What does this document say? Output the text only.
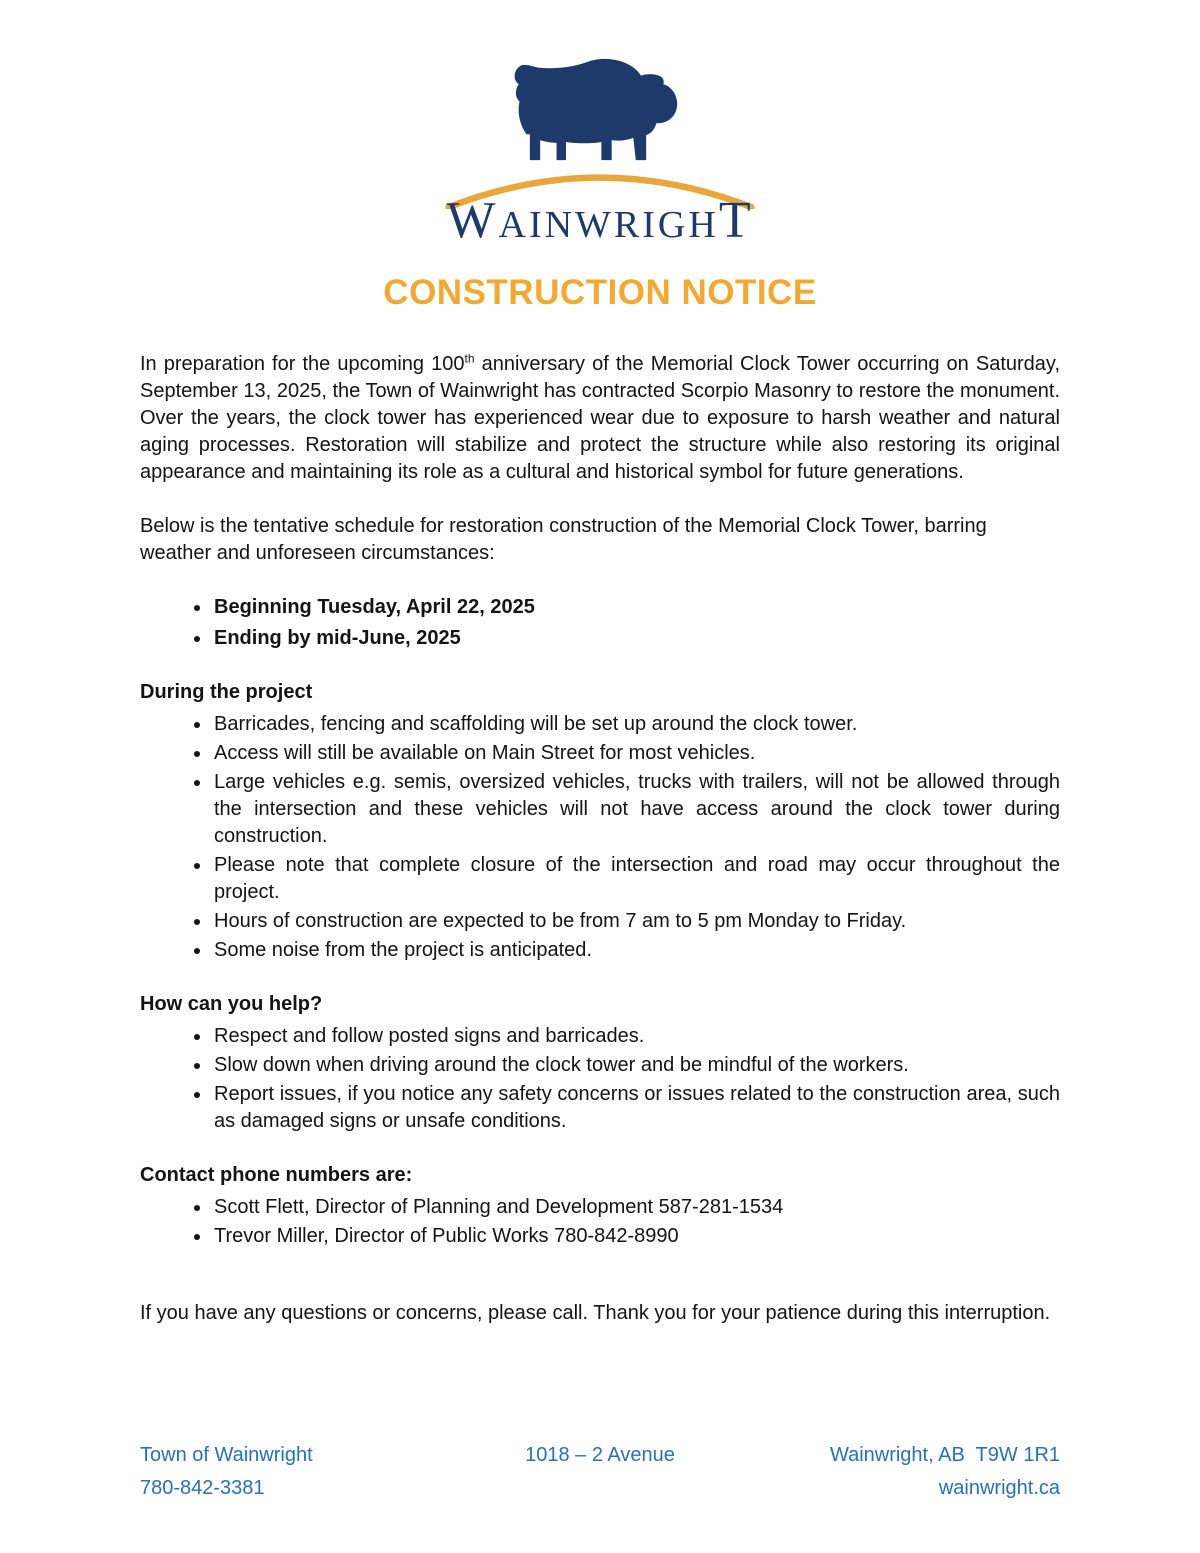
WAINWRIGHT
CONSTRUCTION NOTICE

In preparation for the upcoming 100th anniversary of the Memorial Clock Tower occurring on Saturday, September 13, 2025, the Town of Wainwright has contracted Scorpio Masonry to restore the monument. Over the years, the clock tower has experienced wear due to exposure to harsh weather and natural aging processes. Restoration will stabilize and protect the structure while also restoring its original appearance and maintaining its role as a cultural and historical symbol for future generations.

Below is the tentative schedule for restoration construction of the Memorial Clock Tower, barring weather and unforeseen circumstances:

• Beginning Tuesday, April 22, 2025
• Ending by mid-June, 2025
During the project
• Barricades, fencing and scaffolding will be set up around the clock tower.
• Access will still be available on Main Street for most vehicles.
• Large vehicles e.g. semis, oversized vehicles, trucks with trailers, will not be allowed through the intersection and these vehicles will not have access around the clock tower during construction.
• Please note that complete closure of the intersection and road may occur throughout the project.
• Hours of construction are expected to be from 7 am to 5 pm Monday to Friday.
• Some noise from the project is anticipated.
How can you help?
• Respect and follow posted signs and barricades.
• Slow down when driving around the clock tower and be mindful of the workers.
• Report issues, if you notice any safety concerns or issues related to the construction area, such as damaged signs or unsafe conditions.
Contact phone numbers are:
• Scott Flett, Director of Planning and Development 587-281-1534
• Trevor Miller, Director of Public Works 780-842-8990

If you have any questions or concerns, please call. Thank you for your patience during this interruption.

Town of Wainwright
780-842-3381
1018 – 2 Avenue	Wainwright, AB  T9W 1R1
wainwright.ca
